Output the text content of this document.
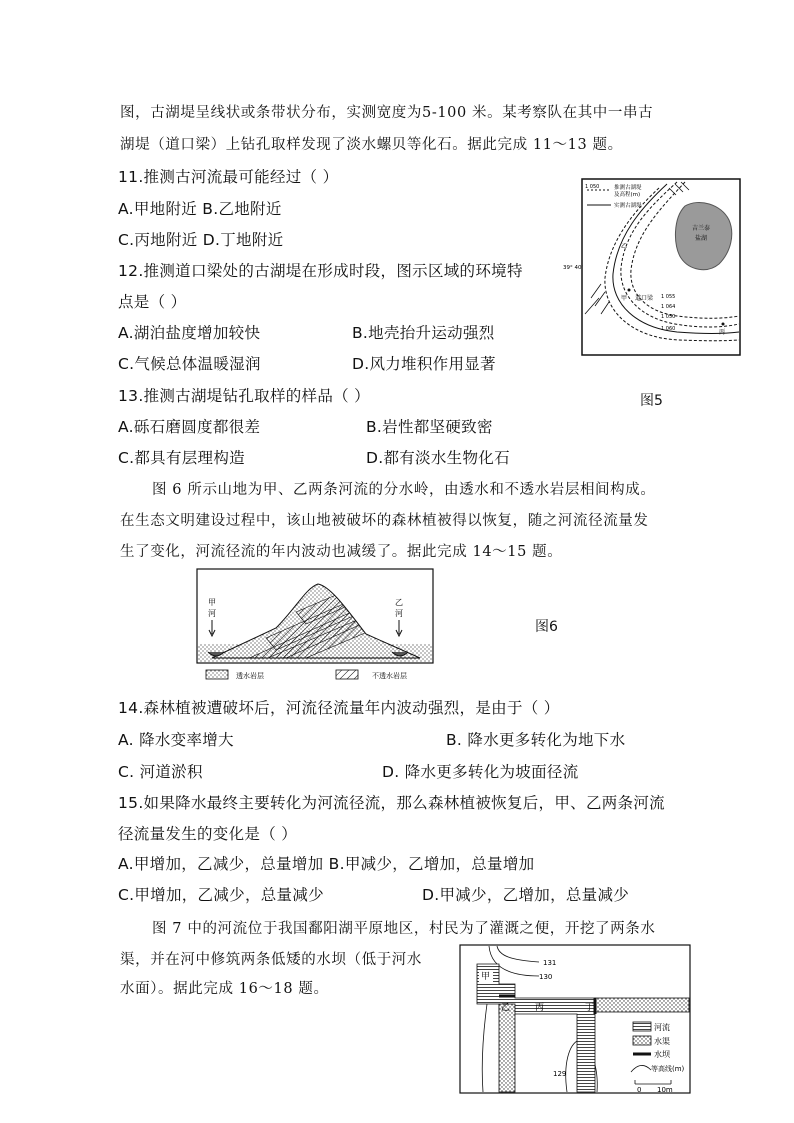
图，古湖堤呈线状或条带状分布，实测宽度为5-100 米。某考察队在其中一串古
湖堤（道口梁）上钻孔取样发现了淡水螺贝等化石。据此完成 11～13 题。
11.推测古河流最可能经过（ ）
A.甲地附近 B.乙地附近
C.丙地附近 D.丁地附近
12.推测道口梁处的古湖堤在形成时段，图示区域的环境特
点是（ ）
A.湖泊盐度增加较快	B.地壳抬升运动强烈
C.气候总体温暖湿润	D.风力堆积作用显著
13.推测古湖堤钻孔取样的样品（ ）
A.砾石磨圆度都很差	B.岩性都坚硬致密
C.都具有层理构造	D.都有淡水生物化石
1 050	推测古湖堤
及高程(m)
实测古湖堤
吉兰泰
盐湖
39° 40'
乙
甲 道口梁 1 055
1 064
1 050
1 060	丙
图5
图 6 所示山地为甲、乙两条河流的分水岭，由透水和不透水岩层相间构成。
在生态文明建设过程中，该山地被破坏的森林植被得以恢复，随之河流径流量发
生了变化，河流径流的年内波动也减缓了。据此完成 14～15 题。
甲
河
乙
河
透水岩层	不透水岩层
图6
14.森林植被遭破坏后，河流径流量年内波动强烈，是由于（ ）
A. 降水变率增大	B. 降水更多转化为地下水
C. 河道淤积	D. 降水更多转化为坡面径流
15.如果降水最终主要转化为河流径流，那么森林植被恢复后，甲、乙两条河流
径流量发生的变化是（ ）
A.甲增加，乙减少，总量增加 B.甲减少，乙增加，总量增加
C.甲增加，乙减少，总量减少	D.甲减少，乙增加，总量减少
图 7 中的河流位于我国鄱阳湖平原地区，村民为了灌溉之便，开挖了两条水
渠，并在河中修筑两条低矮的水坝（低于河水
水面）。据此完成 16～18 题。
131
130
129
甲
乙	丙	丁
河流
水渠
水坝
等高线(m)
0 10m
